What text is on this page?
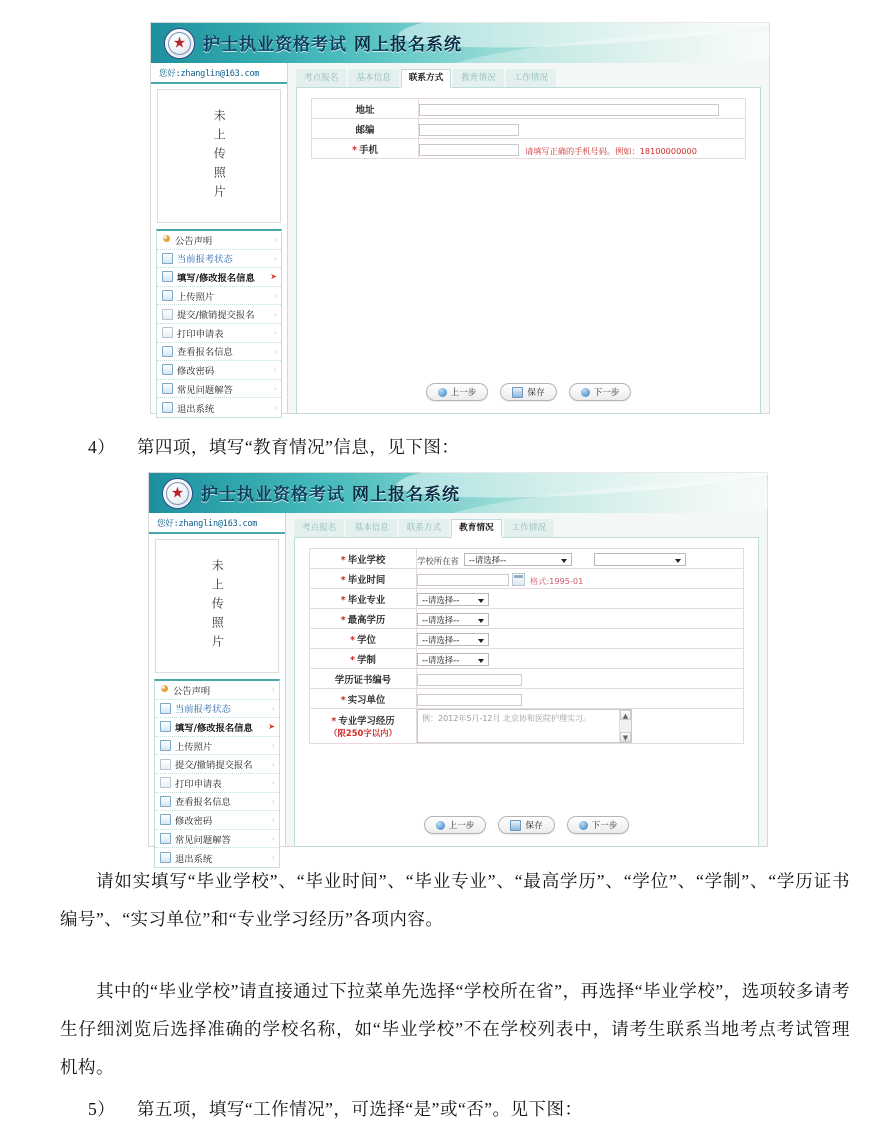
★ 护士执业资格考试 网上报名系统
您好:zhanglin@163.com
未上传照片
◕ 公告声明	›
当前报考状态	›
填写/修改报名信息	➤
上传照片	›
提交/撤销提交报名	›
打印申请表	›
查看报名信息	›
修改密码	›
常见问题解答	›
退出系统	›
考点报名	基本信息	联系方式	教育情况	工作情况
地址	
邮编	
* 手机	请填写正确的手机号码。例如：18100000000
上一步	保存	下一步
4） 第四项，填写“教育情况”信息，见下图：
★ 护士执业资格考试 网上报名系统
您好:zhanglin@163.com
未上传照片
◕ 公告声明	›
当前报考状态	›
填写/修改报名信息	➤
上传照片	›
提交/撤销提交报名	›
打印申请表	›
查看报名信息	›
修改密码	›
常见问题解答	›
退出系统	›
考点报名	基本信息	联系方式	教育情况	工作情况
* 毕业学校	学校所在省 --请选择--
* 毕业时间	格式:1995-01
* 毕业专业	--请选择--
* 最高学历	--请选择--
* 学位	--请选择--
* 学制	--请选择--
学历证书编号	
* 实习单位	
* 专业学习经历
（限250字以内）	
例：2012年5月-12月 北京协和医院护理实习。	▲
▼
上一步	保存	下一步
请如实填写“毕业学校”、“毕业时间”、“毕业专业”、“最高学历”、“学位”、“学制”、“学历证书编号”、“实习单位”和“专业学习经历”各项内容。
其中的“毕业学校”请直接通过下拉菜单先选择“学校所在省”，再选择“毕业学校”，选项较多请考生仔细浏览后选择准确的学校名称，如“毕业学校”不在学校列表中，请考生联系当地考点考试管理机构。
5） 第五项，填写“工作情况”，可选择“是”或“否”。见下图：
